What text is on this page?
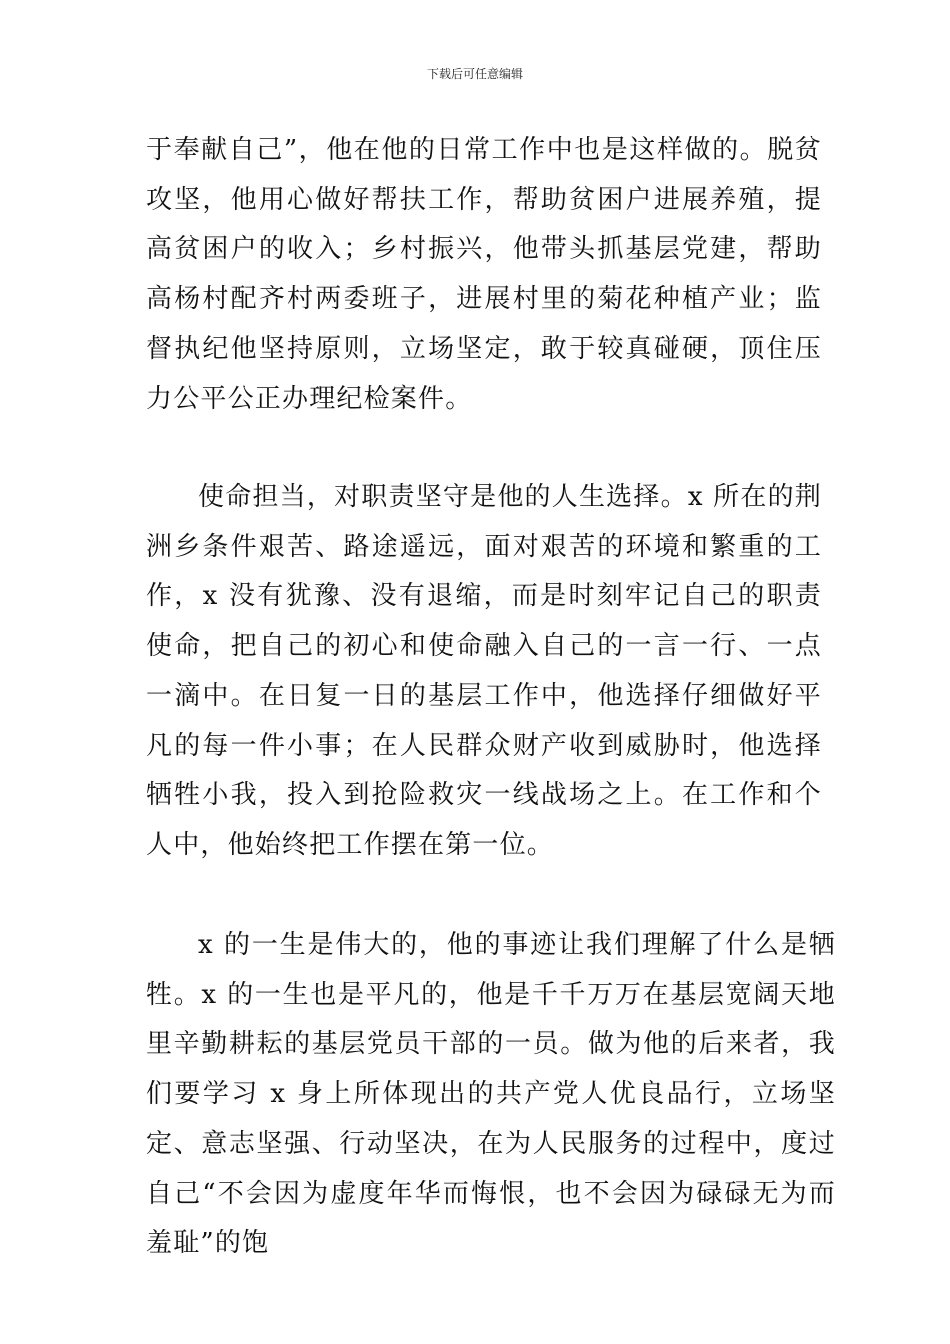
下载后可任意编辑

于奉献自己”，他在他的日常工作中也是这样做的。脱贫攻坚，他用心做好帮扶工作，帮助贫困户进展养殖，提高贫困户的收入；乡村振兴，他带头抓基层党建，帮助高杨村配齐村两委班子，进展村里的菊花种植产业；监督执纪他坚持原则，立场坚定，敢于较真碰硬，顶住压力公平公正办理纪检案件。

使命担当，对职责坚守是他的人生选择。x 所在的荆洲乡条件艰苦、路途遥远，面对艰苦的环境和繁重的工作，x 没有犹豫、没有退缩，而是时刻牢记自己的职责使命，把自己的初心和使命融入自己的一言一行、一点一滴中。在日复一日的基层工作中，他选择仔细做好平凡的每一件小事；在人民群众财产收到威胁时，他选择牺牲小我，投入到抢险救灾一线战场之上。在工作和个人中，他始终把工作摆在第一位。

x 的一生是伟大的，他的事迹让我们理解了什么是牺牲。x 的一生也是平凡的，他是千千万万在基层宽阔天地里辛勤耕耘的基层党员干部的一员。做为他的后来者，我们要学习 x 身上所体现出的共产党人优良品行，立场坚定、意志坚强、行动坚决，在为人民服务的过程中，度过自己“不会因为虚度年华而悔恨，也不会因为碌碌无为而羞耻”的饱
